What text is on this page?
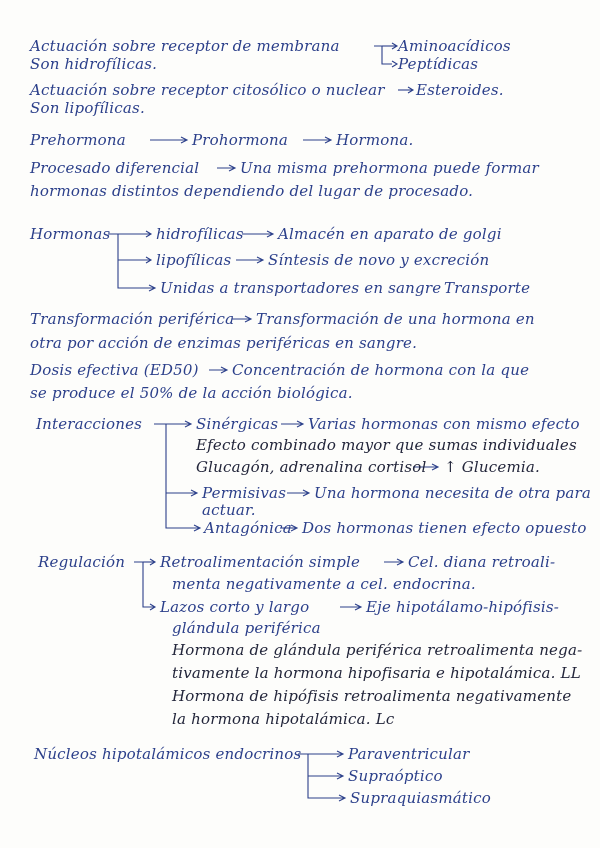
Actuación sobre receptor de membrana	Aminoacídicos
Son hidrofílicas.	Peptídicas
Actuación sobre receptor citosólico o nuclear Esteroides.
Son lipofílicas.
Prehormona	Prohormona	Hormona.
Procesado diferencial	Una misma prehormona puede formar
hormonas distintos dependiendo del lugar de procesado.
Hormonas	hidrofílicas Almacén en aparato de golgi
lipofílicas Síntesis de novo y excreción
Unidas a transportadores en sangre Transporte
Transformación periférica Transformación de una hormona en
otra por acción de enzimas periféricas en sangre.
Dosis efectiva (ED50) Concentración de hormona con la que
se produce el 50% de la acción biológica.
Interacciones	Sinérgicas Varias hormonas con mismo efecto
Efecto combinado mayor que sumas individuales
Glucagón, adrenalina cortisol ↑ Glucemia.
Permisivas Una hormona necesita de otra para
actuar.
Antagónica Dos hormonas tienen efecto opuesto
Regulación Retroalimentación simple	Cel. diana retroali-
menta negativamente a cel. endocrina.
Lazos corto y largo	Eje hipotálamo-hipófisis-
glándula periférica
Hormona de glándula periférica retroalimenta nega-
tivamente la hormona hipofisaria e hipotalámica. LL
Hormona de hipófisis retroalimenta negativamente
la hormona hipotalámica. Lc
Núcleos hipotalámicos endocrinos	Paraventricular
Supraóptico
Supraquiasmático
